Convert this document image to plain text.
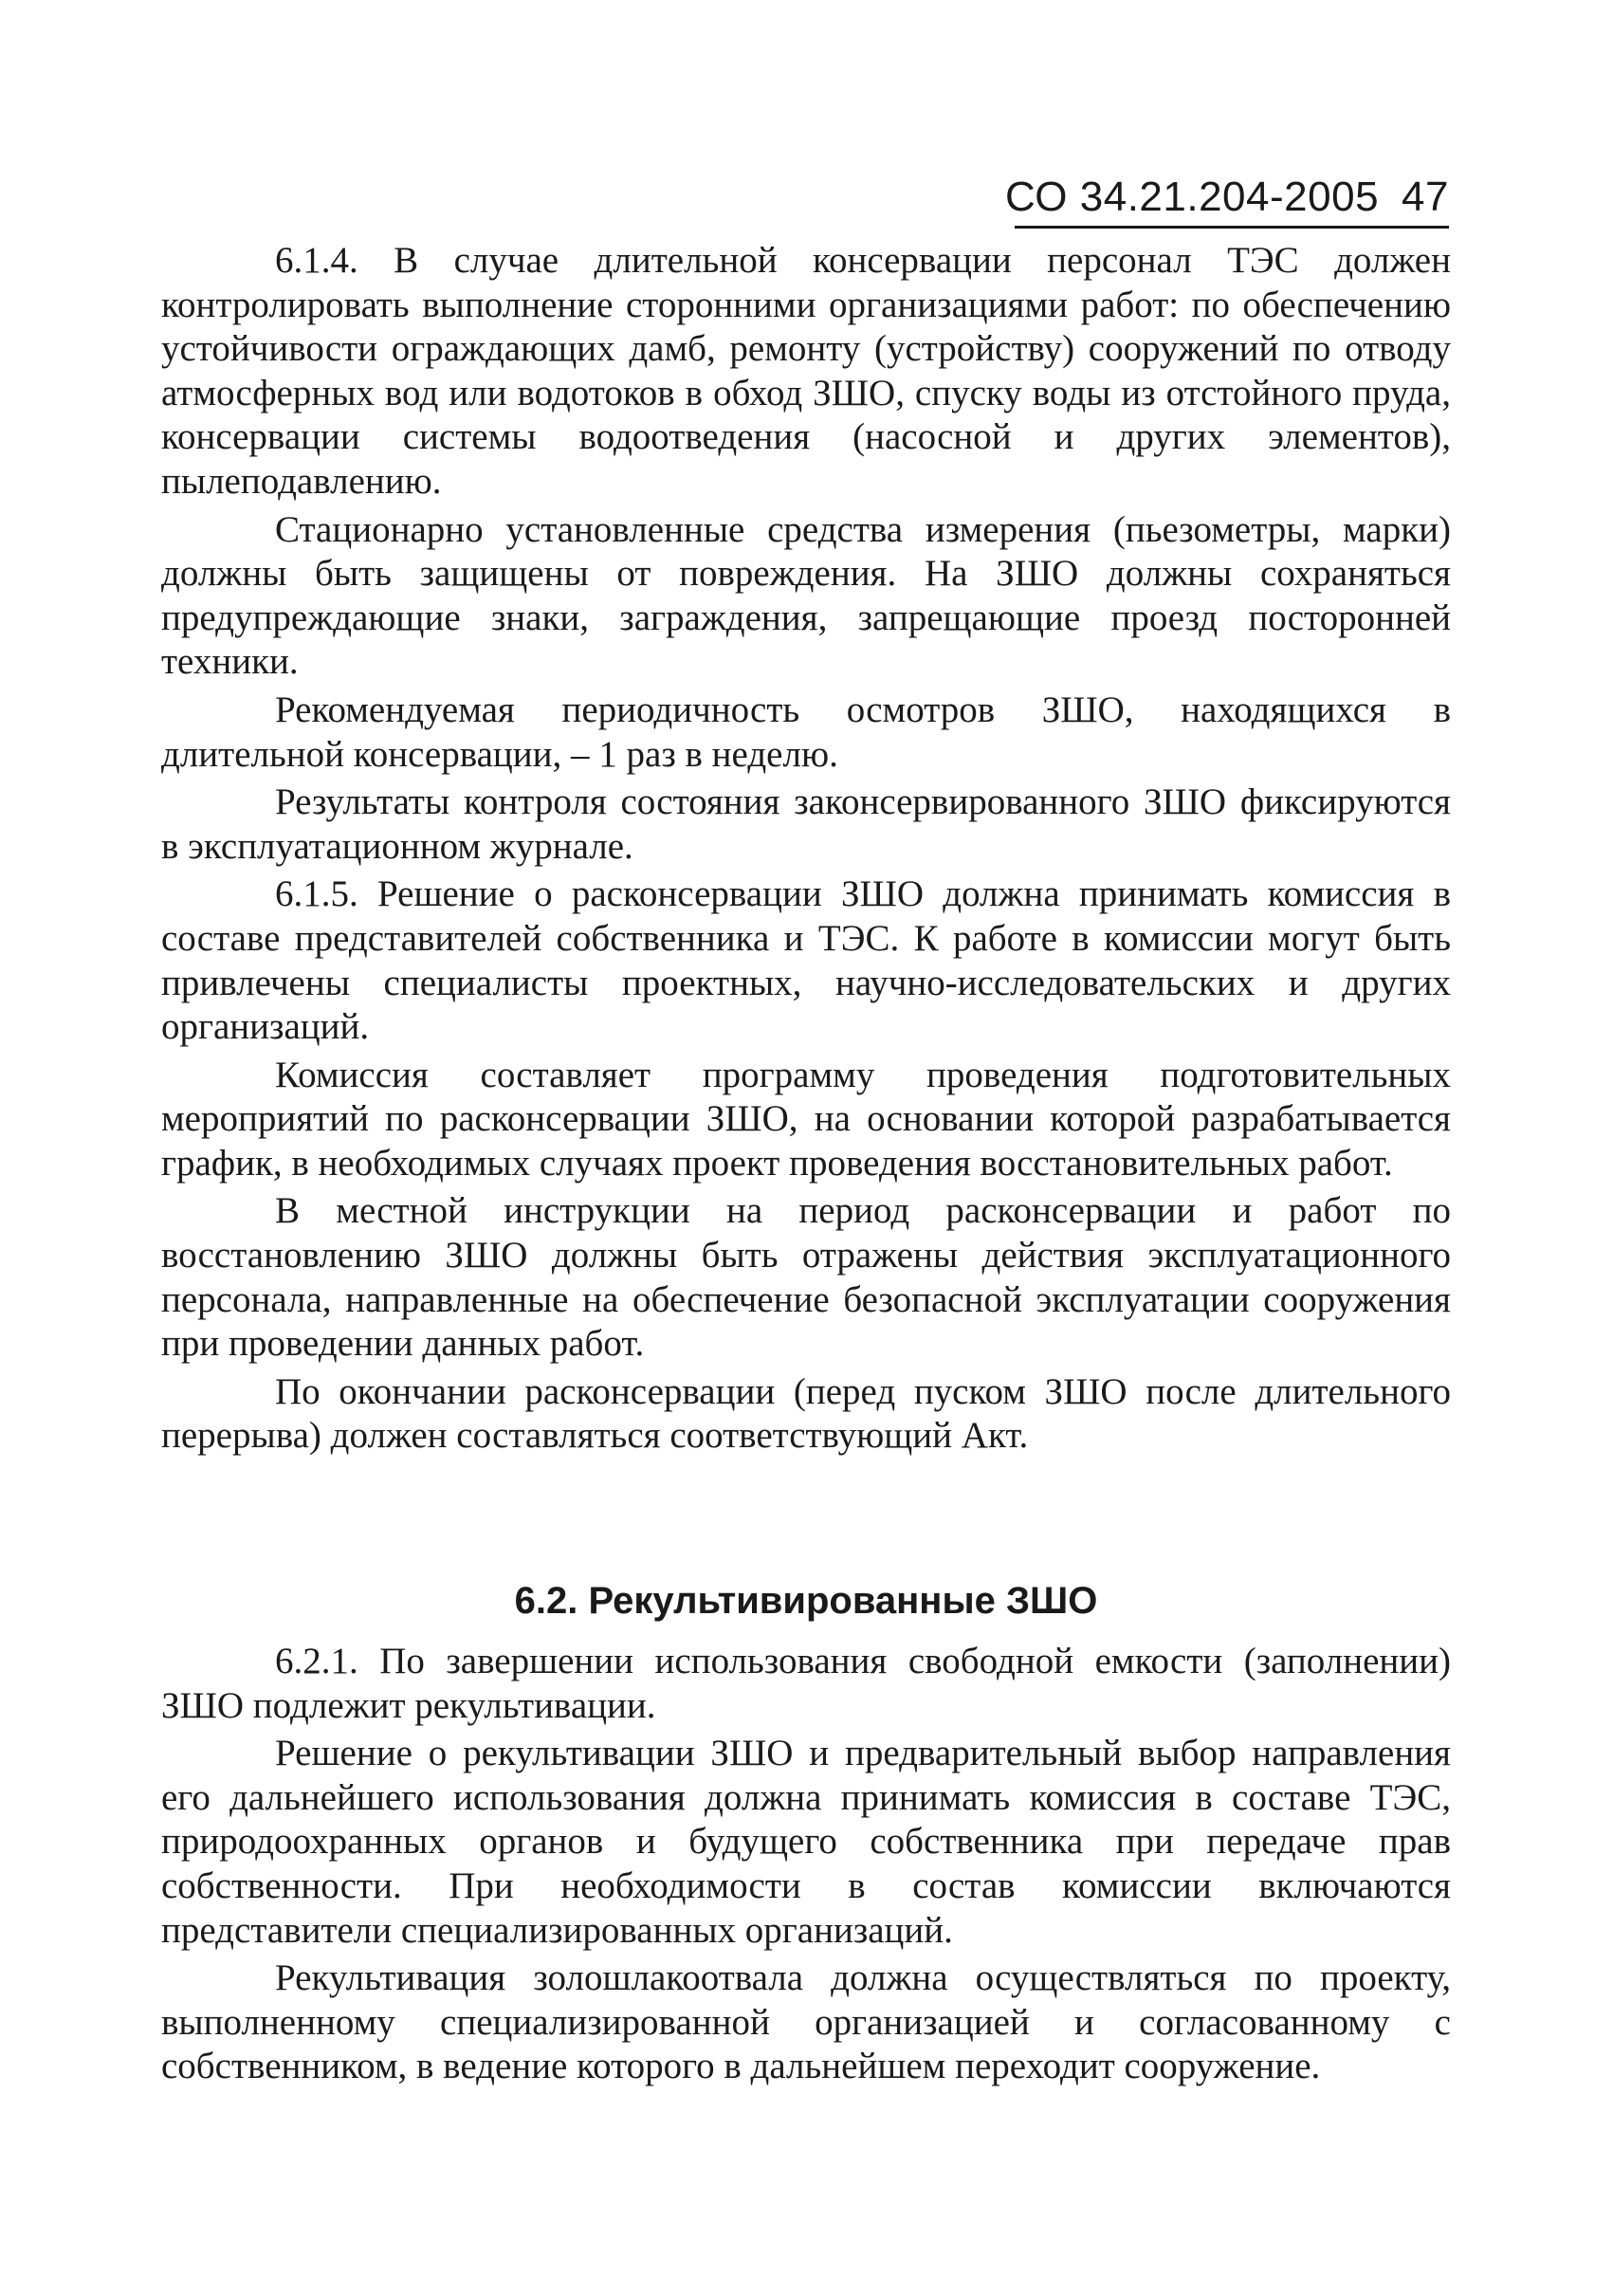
СО 34.21.204-2005 47

6.1.4. В случае длительной консервации персонал ТЭС должен контролировать выполнение сторонними организациями работ: по обеспечению устойчивости ограждающих дамб, ремонту (устройству) сооружений по отводу атмосферных вод или водотоков в обход ЗШО, спуску воды из отстойного пруда, консервации системы водоотведения (насосной и других элементов), пылеподавлению.

Стационарно установленные средства измерения (пьезометры, марки) должны быть защищены от повреждения. На ЗШО должны сохраняться предупреждающие знаки, заграждения, запрещающие проезд посторонней техники.

Рекомендуемая периодичность осмотров ЗШО, находящихся в длительной консервации, – 1 раз в неделю.

Результаты контроля состояния законсервированного ЗШО фиксируются в эксплуатационном журнале.

6.1.5. Решение о расконсервации ЗШО должна принимать комиссия в составе представителей собственника и ТЭС. К работе в комиссии могут быть привлечены специалисты проектных, научно-исследовательских и других организаций.

Комиссия составляет программу проведения подготовительных мероприятий по расконсервации ЗШО, на основании которой разрабатывается график, в необходимых случаях проект проведения восстановительных работ.

В местной инструкции на период расконсервации и работ по восстановлению ЗШО должны быть отражены действия эксплуатационного персонала, направленные на обеспечение безопасной эксплуатации сооружения при проведении данных работ.

По окончании расконсервации (перед пуском ЗШО после длительного перерыва) должен составляться соответствующий Акт.

6.2. Рекультивированные ЗШО

6.2.1. По завершении использования свободной емкости (заполнении) ЗШО подлежит рекультивации.

Решение о рекультивации ЗШО и предварительный выбор направления его дальнейшего использования должна принимать комиссия в составе ТЭС, природоохранных органов и будущего собственника при передаче прав собственности. При необходимости в состав комиссии включаются представители специализированных организаций.

Рекультивация золошлакоотвала должна осуществляться по проекту, выполненному специализированной организацией и согласованному с собственником, в ведение которого в дальнейшем переходит сооружение.
